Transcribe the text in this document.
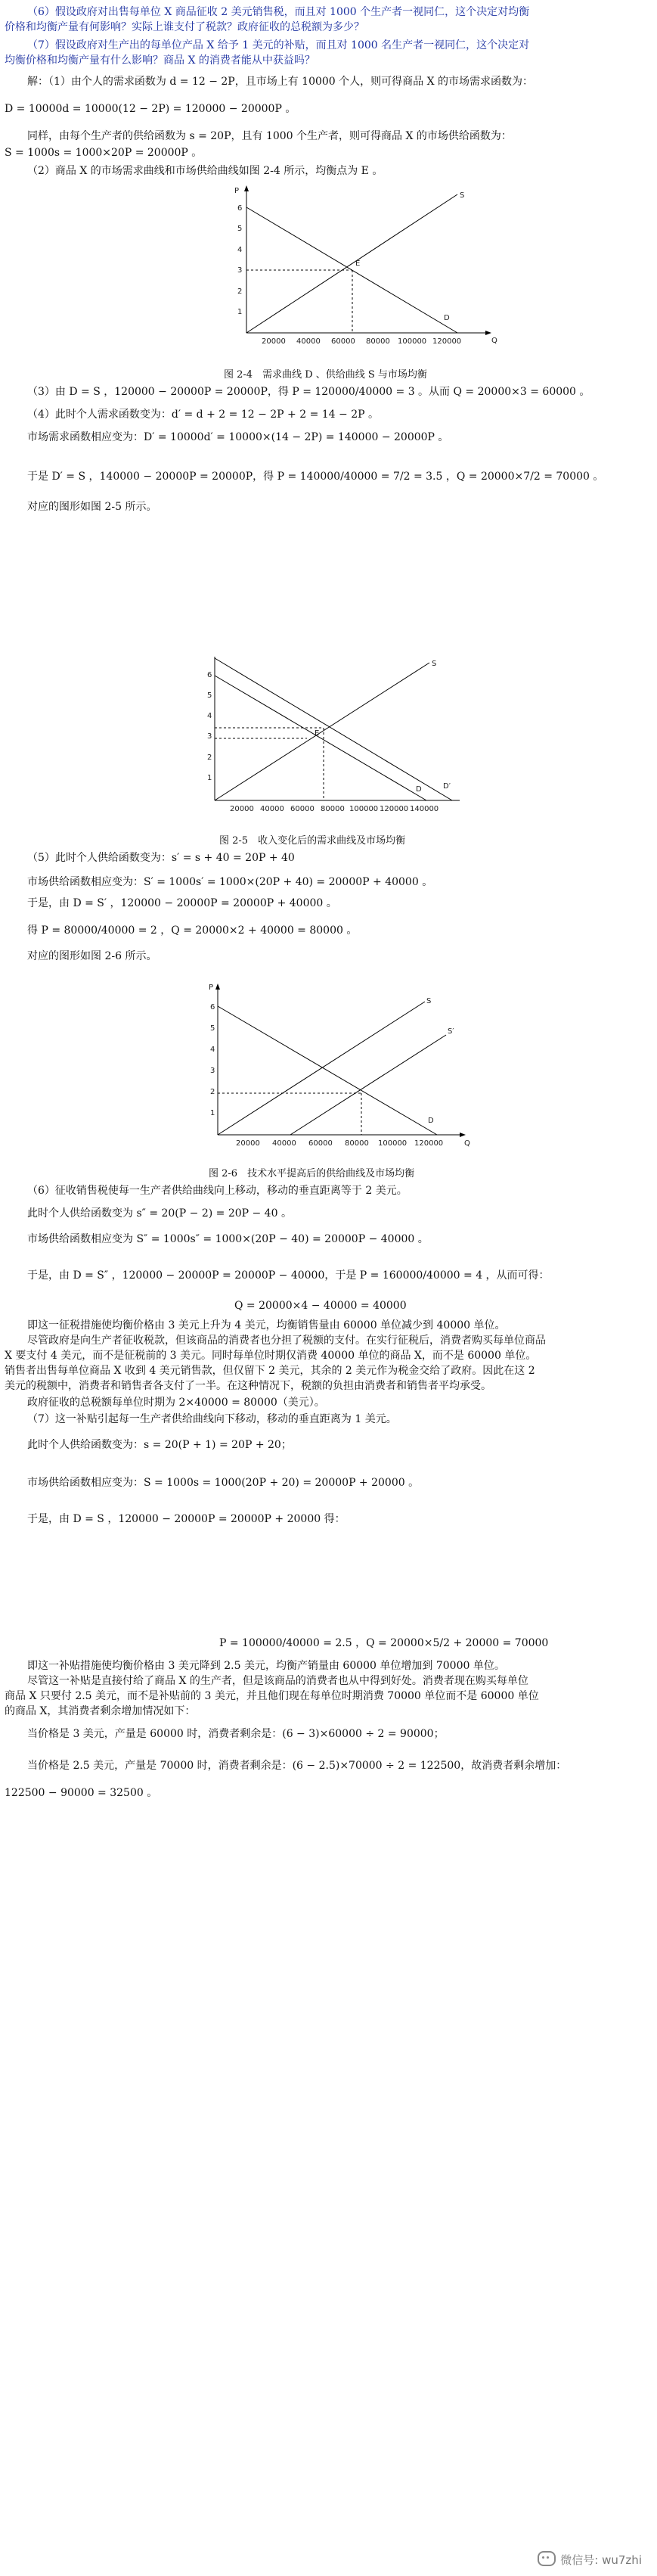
（6）假设政府对出售每单位 X 商品征收 2 美元销售税，而且对 1000 个生产者一视同仁，这个决定对均衡
价格和均衡产量有何影响？实际上谁支付了税款？政府征收的总税额为多少？
（7）假设政府对生产出的每单位产品 X 给予 1 美元的补贴，而且对 1000 名生产者一视同仁，这个决定对
均衡价格和均衡产量有什么影响？商品 X 的消费者能从中获益吗？
解：（1）由个人的需求函数为 d = 12 − 2P，且市场上有 10000 个人，则可得商品 X 的市场需求函数为：
D = 10000d = 10000(12 − 2P) = 120000 − 20000P 。
同样，由每个生产者的供给函数为 s = 20P，且有 1000 个生产者，则可得商品 X 的市场供给函数为：
S = 1000s = 1000×20P = 20000P 。
（2）商品 X 的市场需求曲线和市场供给曲线如图 2-4 所示，均衡点为 E 。
P
Q
6
5
4
3
2
1
20000 40000 60000 80000 100000 120000
S
D
E
图 2-4　需求曲线 D 、供给曲线 S 与市场均衡
（3）由 D = S ，120000 − 20000P = 20000P，得 P = 120000/40000 = 3 。从而 Q = 20000×3 = 60000 。
（4）此时个人需求函数变为：d′ = d + 2 = 12 − 2P + 2 = 14 − 2P 。
市场需求函数相应变为：D′ = 10000d′ = 10000×(14 − 2P) = 140000 − 20000P 。
于是 D′ = S ，140000 − 20000P = 20000P，得 P = 140000/40000 = 7/2 = 3.5 ，Q = 20000×7/2 = 70000 。
对应的图形如图 2-5 所示。
6
5
4
3
2
1
20000 40000 60000 80000 100000 120000 140000
S
D	D′
E
图 2-5　收入变化后的需求曲线及市场均衡
（5）此时个人供给函数变为：s′ = s + 40 = 20P + 40
市场供给函数相应变为：S′ = 1000s′ = 1000×(20P + 40) = 20000P + 40000 。
于是，由 D = S′ ，120000 − 20000P = 20000P + 40000 。
得 P = 80000/40000 = 2 ，Q = 20000×2 + 40000 = 80000 。
对应的图形如图 2-6 所示。
P
Q
6
5
4
3
2
1
20000 40000 60000 80000 100000 120000
S
S′
D
图 2-6　技术水平提高后的供给曲线及市场均衡
（6）征收销售税使每一生产者供给曲线向上移动，移动的垂直距离等于 2 美元。
此时个人供给函数变为 s″ = 20(P − 2) = 20P − 40 。
市场供给函数相应变为 S″ = 1000s″ = 1000×(20P − 40) = 20000P − 40000 。
于是，由 D = S″ ，120000 − 20000P = 20000P − 40000，于是 P = 160000/40000 = 4 ，从而可得：
Q = 20000×4 − 40000 = 40000
即这一征税措施使均衡价格由 3 美元上升为 4 美元，均衡销售量由 60000 单位减少到 40000 单位。
尽管政府是向生产者征收税款，但该商品的消费者也分担了税额的支付。在实行征税后，消费者购买每单位商品
X 要支付 4 美元，而不是征税前的 3 美元。同时每单位时期仅消费 40000 单位的商品 X，而不是 60000 单位。
销售者出售每单位商品 X 收到 4 美元销售款，但仅留下 2 美元，其余的 2 美元作为税金交给了政府。因此在这 2
美元的税额中，消费者和销售者各支付了一半。在这种情况下，税额的负担由消费者和销售者平均承受。
政府征收的总税额每单位时期为 2×40000 = 80000（美元）。
（7）这一补贴引起每一生产者供给曲线向下移动，移动的垂直距离为 1 美元。
此时个人供给函数变为：s = 20(P + 1) = 20P + 20；
市场供给函数相应变为：S = 1000s = 1000(20P + 20) = 20000P + 20000 。
于是，由 D = S ，120000 − 20000P = 20000P + 20000 得：
P = 100000/40000 = 2.5 ，Q = 20000×5/2 + 20000 = 70000
即这一补贴措施使均衡价格由 3 美元降到 2.5 美元，均衡产销量由 60000 单位增加到 70000 单位。
尽管这一补贴是直接付给了商品 X 的生产者，但是该商品的消费者也从中得到好处。消费者现在购买每单位
商品 X 只要付 2.5 美元，而不是补贴前的 3 美元，并且他们现在每单位时期消费 70000 单位而不是 60000 单位
的商品 X，其消费者剩余增加情况如下：
当价格是 3 美元，产量是 60000 时，消费者剩余是：(6 − 3)×60000 ÷ 2 = 90000；
当价格是 2.5 美元，产量是 70000 时，消费者剩余是：(6 − 2.5)×70000 ÷ 2 = 122500，故消费者剩余增加：
122500 − 90000 = 32500 。
微信号: wu7zhi
